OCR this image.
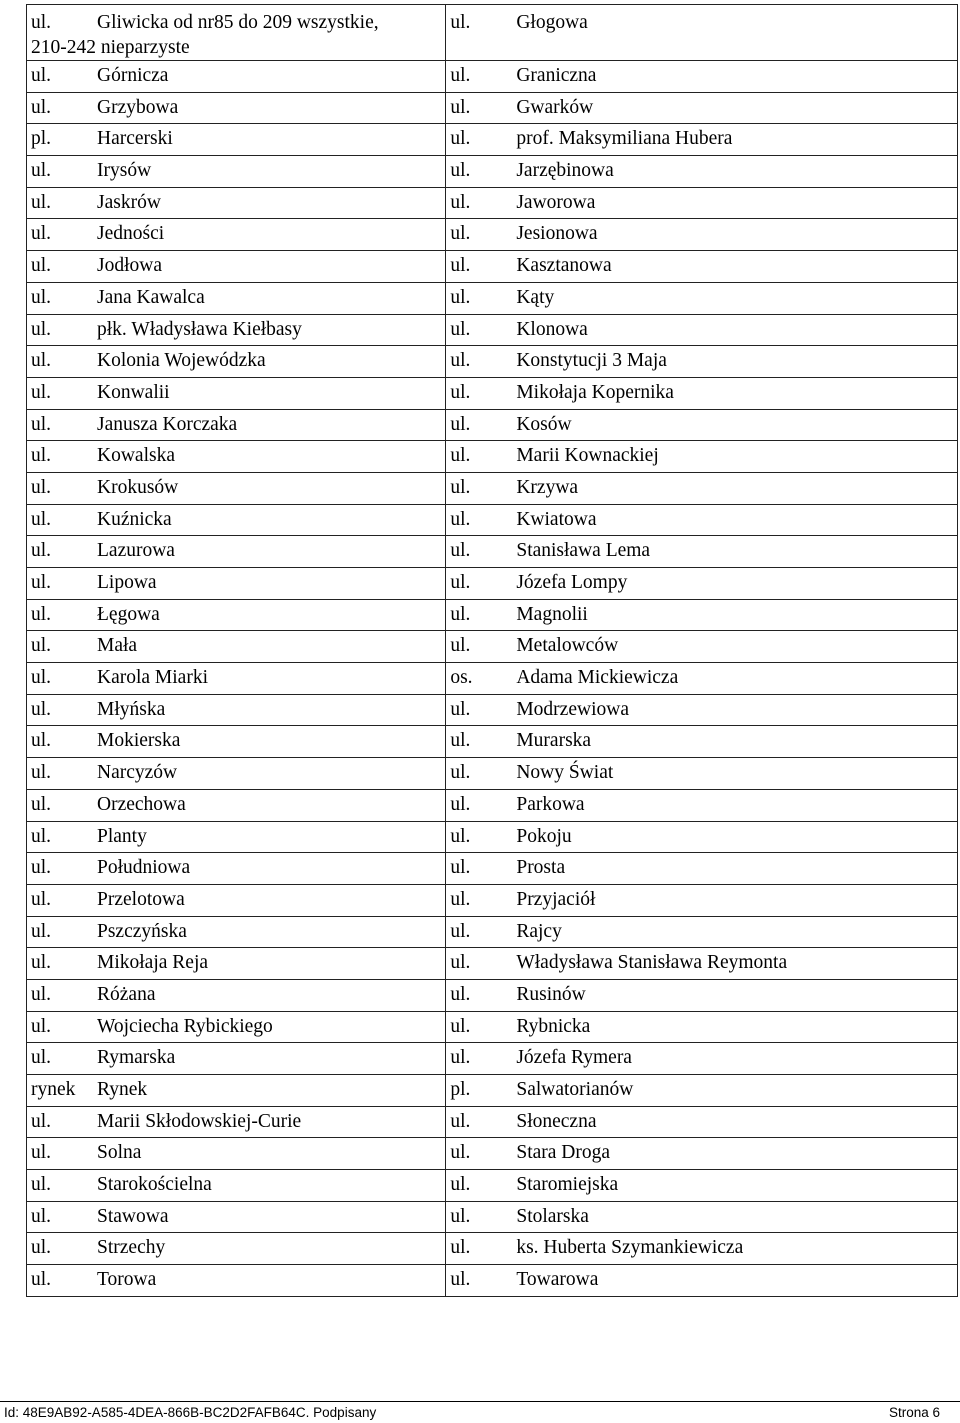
ul. Gliwicka od nr85 do 209 wszystkie,
210-242 nieparzyste	ul. Głogowa

ul. Górnicza	ul. Graniczna

ul. Grzybowa	ul. Gwarków

pl. Harcerski	ul. prof. Maksymiliana Hubera

ul. Irysów	ul. Jarzębinowa

ul. Jaskrów	ul. Jaworowa

ul. Jedności	ul. Jesionowa

ul. Jodłowa	ul. Kasztanowa

ul. Jana Kawalca	ul. Kąty

ul. płk. Władysława Kiełbasy	ul. Klonowa

ul. Kolonia Wojewódzka	ul. Konstytucji 3 Maja

ul. Konwalii	ul. Mikołaja Kopernika

ul. Janusza Korczaka	ul. Kosów

ul. Kowalska	ul. Marii Kownackiej

ul. Krokusów	ul. Krzywa

ul. Kuźnicka	ul. Kwiatowa

ul. Lazurowa	ul. Stanisława Lema

ul. Lipowa	ul. Józefa Lompy

ul. Łęgowa	ul. Magnolii

ul. Mała	ul. Metalowców

ul. Karola Miarki	os. Adama Mickiewicza

ul. Młyńska	ul. Modrzewiowa

ul. Mokierska	ul. Murarska

ul. Narcyzów	ul. Nowy Świat

ul. Orzechowa	ul. Parkowa

ul. Planty	ul. Pokoju

ul. Południowa	ul. Prosta

ul. Przelotowa	ul. Przyjaciół

ul. Pszczyńska	ul. Rajcy

ul. Mikołaja Reja	ul. Władysława Stanisława Reymonta

ul. Różana	ul. Rusinów

ul. Wojciecha Rybickiego	ul. Rybnicka

ul. Rymarska	ul. Józefa Rymera

rynek Rynek	pl. Salwatorianów

ul. Marii Skłodowskiej-Curie	ul. Słoneczna

ul. Solna	ul. Stara Droga

ul. Starokościelna	ul. Staromiejska

ul. Stawowa	ul. Stolarska

ul. Strzechy	ul. ks. Huberta Szymankiewicza

ul. Torowa	ul. Towarowa
Id: 48E9AB92-A585-4DEA-866B-BC2D2FAFB64C. Podpisany	Strona 6
